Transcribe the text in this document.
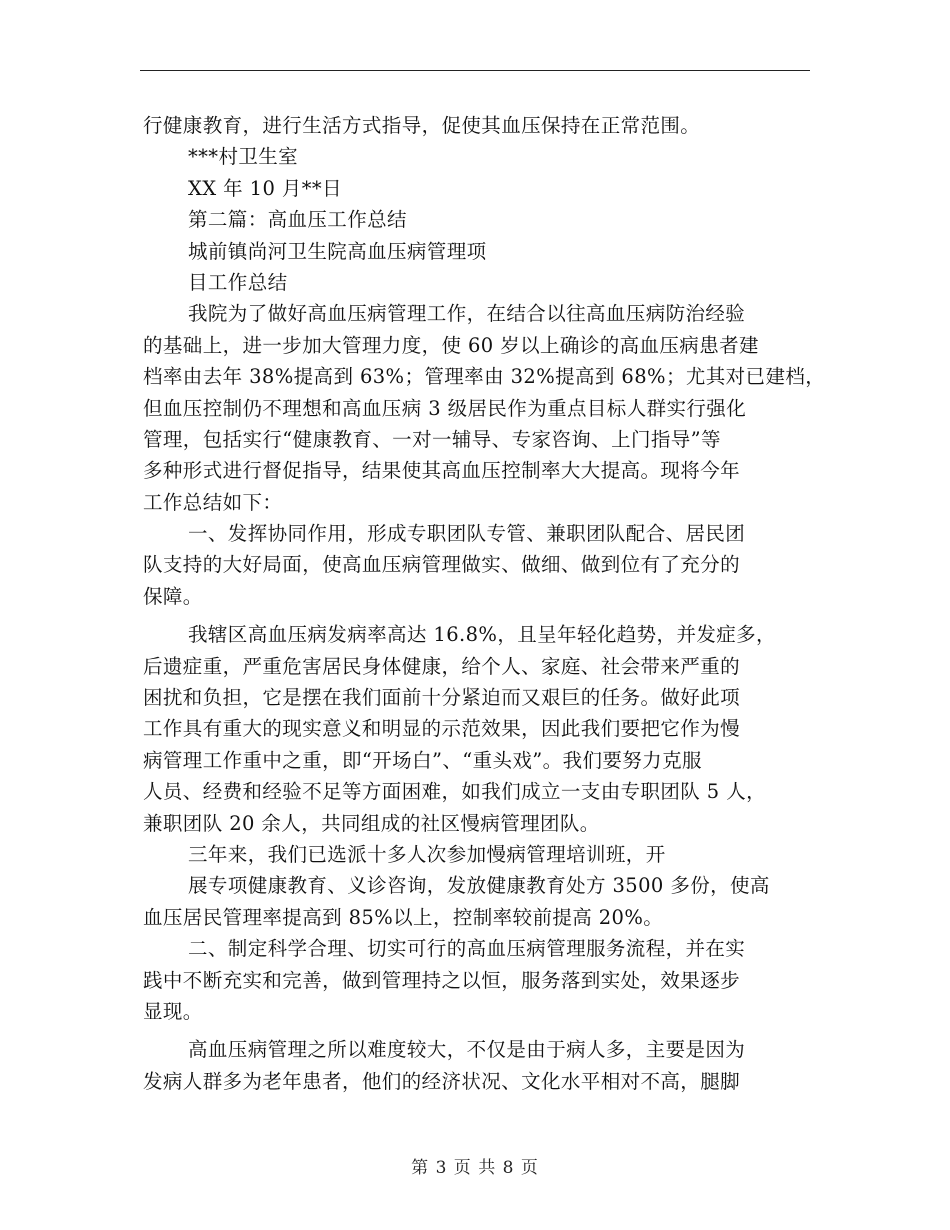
行健康教育，进行生活方式指导，促使其血压保持在正常范围。
***村卫生室
XX 年 10 月**日
第二篇：高血压工作总结
城前镇尚河卫生院高血压病管理项
目工作总结
我院为了做好高血压病管理工作，在结合以往高血压病防治经验
的基础上，进一步加大管理力度，使 60 岁以上确诊的高血压病患者建
档率由去年 38%提高到 63%；管理率由 32%提高到 68%；尤其对已建档，
但血压控制仍不理想和高血压病 3 级居民作为重点目标人群实行强化
管理，包括实行“健康教育、一对一辅导、专家咨询、上门指导”等
多种形式进行督促指导，结果使其高血压控制率大大提高。现将今年
工作总结如下：
一、发挥协同作用，形成专职团队专管、兼职团队配合、居民团
队支持的大好局面，使高血压病管理做实、做细、做到位有了充分的
保障。
我辖区高血压病发病率高达 16.8%，且呈年轻化趋势，并发症多，
后遗症重，严重危害居民身体健康，给个人、家庭、社会带来严重的
困扰和负担，它是摆在我们面前十分紧迫而又艰巨的任务。做好此项
工作具有重大的现实意义和明显的示范效果，因此我们要把它作为慢
病管理工作重中之重，即“开场白”、“重头戏”。我们要努力克服
人员、经费和经验不足等方面困难，如我们成立一支由专职团队 5 人，
兼职团队 20 余人，共同组成的社区慢病管理团队。
三年来，我们已选派十多人次参加慢病管理培训班，开
展专项健康教育、义诊咨询，发放健康教育处方 3500 多份，使高
血压居民管理率提高到 85%以上，控制率较前提高 20%。
二、制定科学合理、切实可行的高血压病管理服务流程，并在实
践中不断充实和完善，做到管理持之以恒，服务落到实处，效果逐步
显现。
高血压病管理之所以难度较大，不仅是由于病人多，主要是因为
发病人群多为老年患者，他们的经济状况、文化水平相对不高，腿脚
第 3 页 共 8 页
